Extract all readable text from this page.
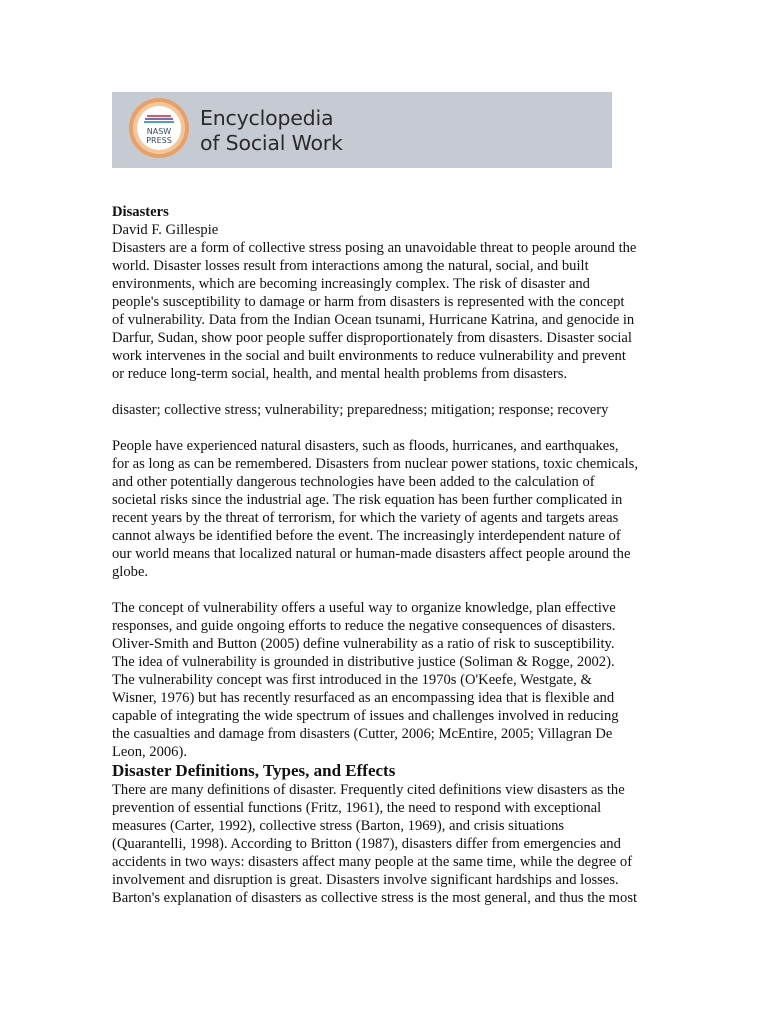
NASW
PRESS
Encyclopedia
of Social Work

Disasters

David F. Gillespie

Disasters are a form of collective stress posing an unavoidable threat to people around the
world. Disaster losses result from interactions among the natural, social, and built
environments, which are becoming increasingly complex. The risk of disaster and
people's susceptibility to damage or harm from disasters is represented with the concept
of vulnerability. Data from the Indian Ocean tsunami, Hurricane Katrina, and genocide in
Darfur, Sudan, show poor people suffer disproportionately from disasters. Disaster social
work intervenes in the social and built environments to reduce vulnerability and prevent
or reduce long-term social, health, and mental health problems from disasters.

disaster; collective stress; vulnerability; preparedness; mitigation; response; recovery

People have experienced natural disasters, such as floods, hurricanes, and earthquakes,
for as long as can be remembered. Disasters from nuclear power stations, toxic chemicals,
and other potentially dangerous technologies have been added to the calculation of
societal risks since the industrial age. The risk equation has been further complicated in
recent years by the threat of terrorism, for which the variety of agents and targets areas
cannot always be identified before the event. The increasingly interdependent nature of
our world means that localized natural or human-made disasters affect people around the
globe.

The concept of vulnerability offers a useful way to organize knowledge, plan effective
responses, and guide ongoing efforts to reduce the negative consequences of disasters.
Oliver-Smith and Button (2005) define vulnerability as a ratio of risk to susceptibility.
The idea of vulnerability is grounded in distributive justice (Soliman & Rogge, 2002).
The vulnerability concept was first introduced in the 1970s (O'Keefe, Westgate, &
Wisner, 1976) but has recently resurfaced as an encompassing idea that is flexible and
capable of integrating the wide spectrum of issues and challenges involved in reducing
the casualties and damage from disasters (Cutter, 2006; McEntire, 2005; Villagran De
Leon, 2006).

Disaster Definitions, Types, and Effects

There are many definitions of disaster. Frequently cited definitions view disasters as the
prevention of essential functions (Fritz, 1961), the need to respond with exceptional
measures (Carter, 1992), collective stress (Barton, 1969), and crisis situations
(Quarantelli, 1998). According to Britton (1987), disasters differ from emergencies and
accidents in two ways: disasters affect many people at the same time, while the degree of
involvement and disruption is great. Disasters involve significant hardships and losses.
Barton's explanation of disasters as collective stress is the most general, and thus the most
